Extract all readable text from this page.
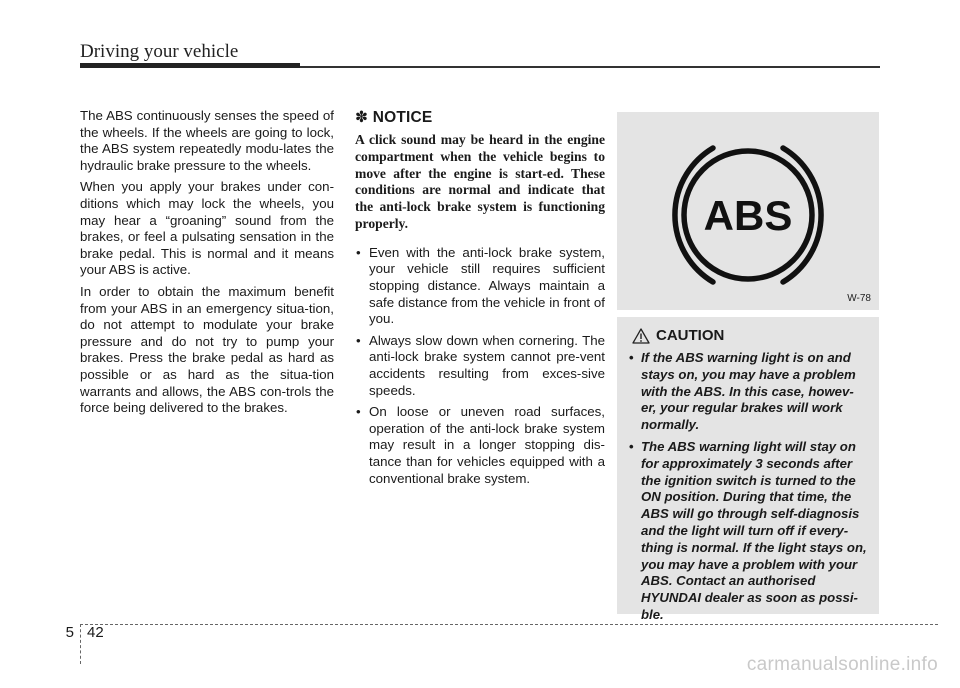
Driving your vehicle

The ABS continuously senses the speed of the wheels. If the wheels are going to lock, the ABS system repeatedly modu-lates the hydraulic brake pressure to the wheels.

When you apply your brakes under con-ditions which may lock the wheels, you may hear a “groaning” sound from the brakes, or feel a pulsating sensation in the brake pedal. This is normal and it means your ABS is active.

In order to obtain the maximum benefit from your ABS in an emergency situa-tion, do not attempt to modulate your brake pressure and do not try to pump your brakes. Press the brake pedal as hard as possible or as hard as the situa-tion warrants and allows, the ABS con-trols the force being delivered to the brakes.

✽ NOTICE

A click sound may be heard in the engine compartment when the vehicle begins to move after the engine is start-ed. These conditions are normal and indicate that the anti-lock brake system is functioning properly.

• Even with the anti-lock brake system, your vehicle still requires sufficient stopping distance. Always maintain a safe distance from the vehicle in front of you.
• Always slow down when cornering. The anti-lock brake system cannot pre-vent accidents resulting from exces-sive speeds.
• On loose or uneven road surfaces, operation of the anti-lock brake system may result in a longer stopping dis-tance than for vehicles equipped with a conventional brake system.
ABS
W-78
CAUTION
• If the ABS warning light is on and stays on, you may have a problem with the ABS. In this case, howev-er, your regular brakes will work normally.
• The ABS warning light will stay on for approximately 3 seconds after the ignition switch is turned to the ON position. During that time, the ABS will go through self-diagnosis and the light will turn off if every-thing is normal. If the light stays on, you may have a problem with your ABS. Contact an authorised HYUNDAI dealer as soon as possi-ble.
5 42
carmanualsonline.info
